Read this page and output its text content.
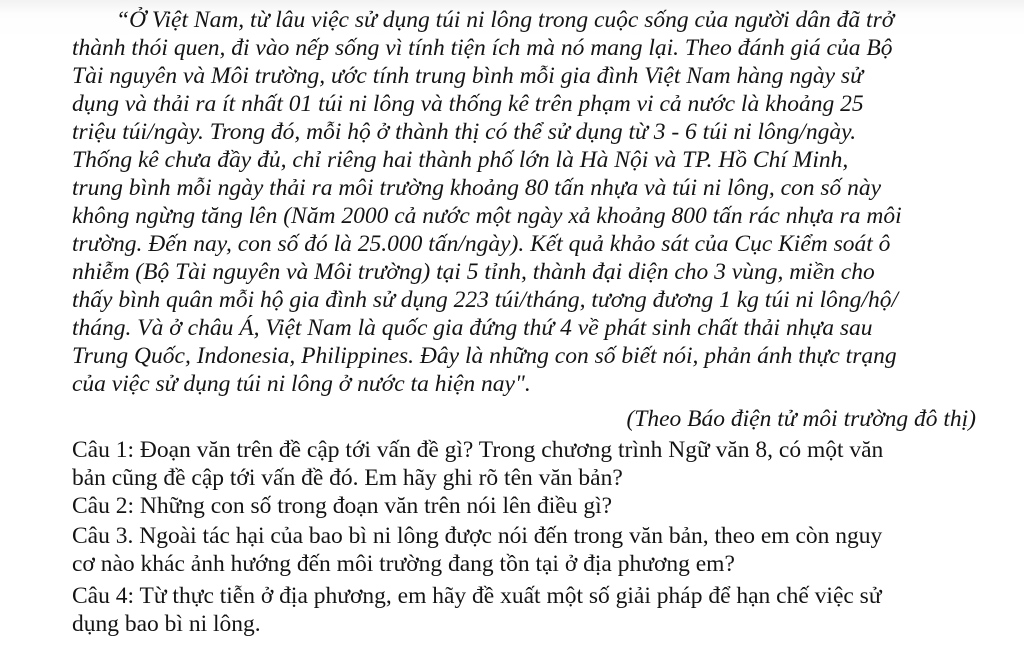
“Ở Việt Nam, từ lâu việc sử dụng túi ni lông trong cuộc sống của người dân đã trở
thành thói quen, đi vào nếp sống vì tính tiện ích mà nó mang lại. Theo đánh giá của Bộ
Tài nguyên và Môi trường, ước tính trung bình mỗi gia đình Việt Nam hàng ngày sử
dụng và thải ra ít nhất 01 túi ni lông và thống kê trên phạm vi cả nước là khoảng 25
triệu túi/ngày. Trong đó, mỗi hộ ở thành thị có thể sử dụng từ 3 - 6 túi ni lông/ngày.
Thống kê chưa đầy đủ, chỉ riêng hai thành phố lớn là Hà Nội và TP. Hồ Chí Minh,
trung bình mỗi ngày thải ra môi trường khoảng 80 tấn nhựa và túi ni lông, con số này
không ngừng tăng lên (Năm 2000 cả nước một ngày xả khoảng 800 tấn rác nhựa ra môi
trường. Đến nay, con số đó là 25.000 tấn/ngày). Kết quả khảo sát của Cục Kiểm soát ô
nhiễm (Bộ Tài nguyên và Môi trường) tại 5 tỉnh, thành đại diện cho 3 vùng, miền cho
thấy bình quân mỗi hộ gia đình sử dụng 223 túi/tháng, tương đương 1 kg túi ni lông/hộ/
tháng. Và ở châu Á, Việt Nam là quốc gia đứng thứ 4 về phát sinh chất thải nhựa sau
Trung Quốc, Indonesia, Philippines. Đây là những con số biết nói, phản ánh thực trạng
của việc sử dụng túi ni lông ở nước ta hiện nay".
(Theo Báo điện tử môi trường đô thị)
Câu 1: Đoạn văn trên đề cập tới vấn đề gì? Trong chương trình Ngữ văn 8, có một văn
bản cũng đề cập tới vấn đề đó. Em hãy ghi rõ tên văn bản?
Câu 2: Những con số trong đoạn văn trên nói lên điều gì?
Câu 3. Ngoài tác hại của bao bì ni lông được nói đến trong văn bản, theo em còn nguy
cơ nào khác ảnh hướng đến môi trường đang tồn tại ở địa phương em?
Câu 4: Từ thực tiễn ở địa phương, em hãy đề xuất một số giải pháp để hạn chế việc sử
dụng bao bì ni lông.
